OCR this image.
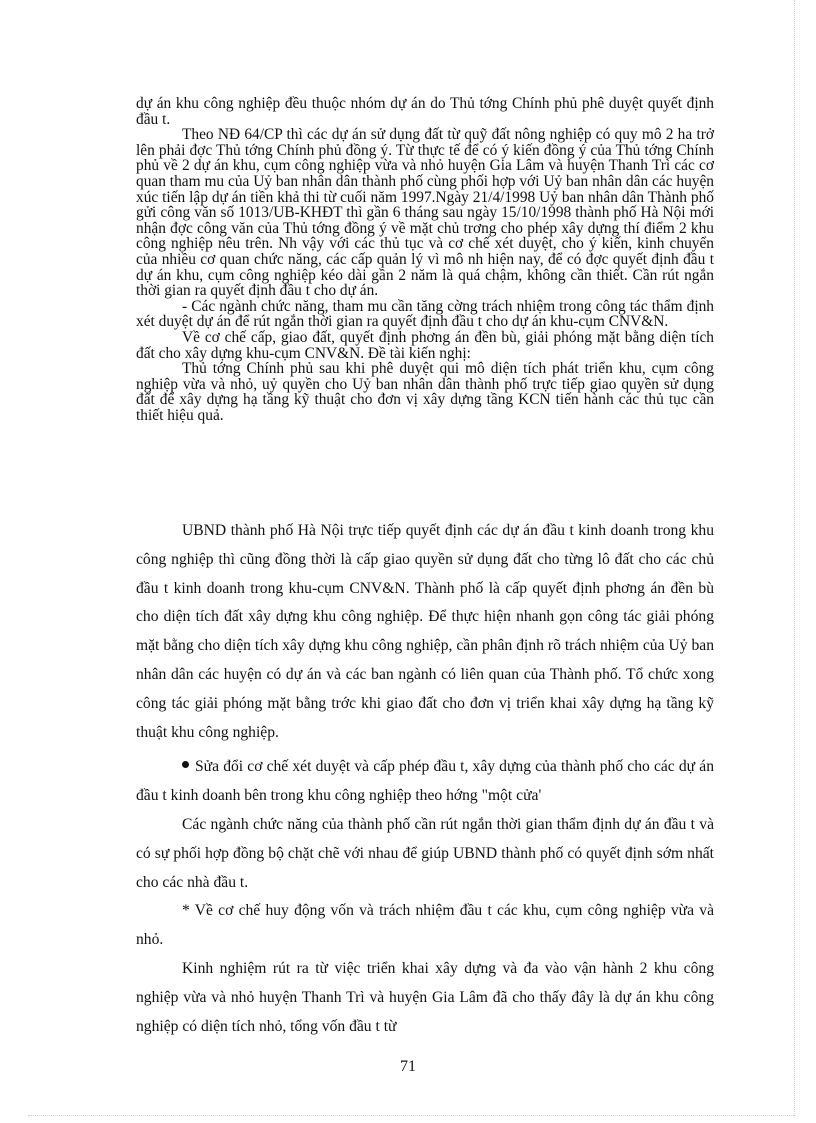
dự án khu công nghiệp đều thuộc nhóm dự án do Thủ tớng Chính phủ phê duyệt quyết định đầu t.

Theo NĐ 64/CP thì các dự án sử dụng đất từ quỹ đất nông nghiệp có quy mô 2 ha trở lên phải đợc Thủ tớng Chính phủ đồng ý. Từ thực tế để có ý kiến đồng ý của Thủ tớng Chính phủ về 2 dự án khu, cụm công nghiệp vừa và nhỏ huyện Gia Lâm và huyện Thanh Trì các cơ quan tham mu của Uỷ ban nhân dân thành phố cùng phối hợp với Uỷ ban nhân dân các huyện xúc tiến lập dự án tiền khả thi từ cuối năm 1997.Ngày 21/4/1998 Uỷ ban nhân dân Thành phố gửi công văn số 1013/UB-KHĐT thì gần 6 tháng sau ngày 15/10/1998 thành phố Hà Nội mới nhận đợc công văn của Thủ tớng đồng ý về mặt chủ trơng cho phép xây dựng thí điểm 2 khu công nghiệp nêu trên. Nh vậy với các thủ tục và cơ chế xét duyệt, cho ý kiến, kinh chuyển của nhiều cơ quan chức năng, các cấp quản lý vì mô nh hiện nay, để có đợc quyết định đầu t dự án khu, cụm công nghiệp kéo dài gần 2 năm là quá chậm, không cần thiết. Cần rút ngắn thời gian ra quyết định đầu t cho dự án.

- Các ngành chức năng, tham mu cần tăng cờng trách nhiệm trong công tác thẩm định xét duyệt dự án để rút ngắn thời gian ra quyết định đầu t cho dự án khu-cụm CNV&N.

Về cơ chế cấp, giao đất, quyết định phơng án đền bù, giải phóng mặt bằng diện tích đất cho xây dựng khu-cụm CNV&N. Đề tài kiến nghị:

Thủ tớng Chính phủ sau khi phê duyệt qui mô diện tích phát triển khu, cụm công nghiệp vừa và nhỏ, uỷ quyền cho Uỷ ban nhân dân thành phố trực tiếp giao quyền sử dụng đất để xây dựng hạ tầng kỹ thuật cho đơn vị xây dựng tầng KCN tiến hành các thủ tục cần thiết hiệu quả.

UBND thành phố Hà Nội trực tiếp quyết định các dự án đầu t kinh doanh trong khu công nghiệp thì cũng đồng thời là cấp giao quyền sử dụng đất cho từng lô đất cho các chủ đầu t kinh doanh trong khu-cụm CNV&N. Thành phố là cấp quyết định phơng án đền bù cho diện tích đất xây dựng khu công nghiệp. Để thực hiện nhanh gọn công tác giải phóng mặt bằng cho diện tích xây dựng khu công nghiệp, cần phân định rõ trách nhiệm của Uỷ ban nhân dân các huyện có dự án và các ban ngành có liên quan của Thành phố. Tổ chức xong công tác giải phóng mặt bằng trớc khi giao đất cho đơn vị triển khai xây dựng hạ tầng kỹ thuật khu công nghiệp.

Sửa đổi cơ chế xét duyệt và cấp phép đầu t, xây dựng của thành phố cho các dự án đầu t kinh doanh bên trong khu công nghiệp theo hớng "một cửa'

Các ngành chức năng của thành phố cần rút ngắn thời gian thẩm định dự án đầu t và có sự phối hợp đồng bộ chặt chẽ với nhau để giúp UBND thành phố có quyết định sớm nhất cho các nhà đầu t.

* Về cơ chế huy động vốn và trách nhiệm đầu t các khu, cụm công nghiệp vừa và nhỏ.

Kinh nghiệm rút ra từ việc triển khai xây dựng và đa vào vận hành 2 khu công nghiệp vừa và nhỏ huyện Thanh Trì và huyện Gia Lâm đã cho thấy đây là dự án khu công nghiệp có diện tích nhỏ, tổng vốn đầu t từ

71
